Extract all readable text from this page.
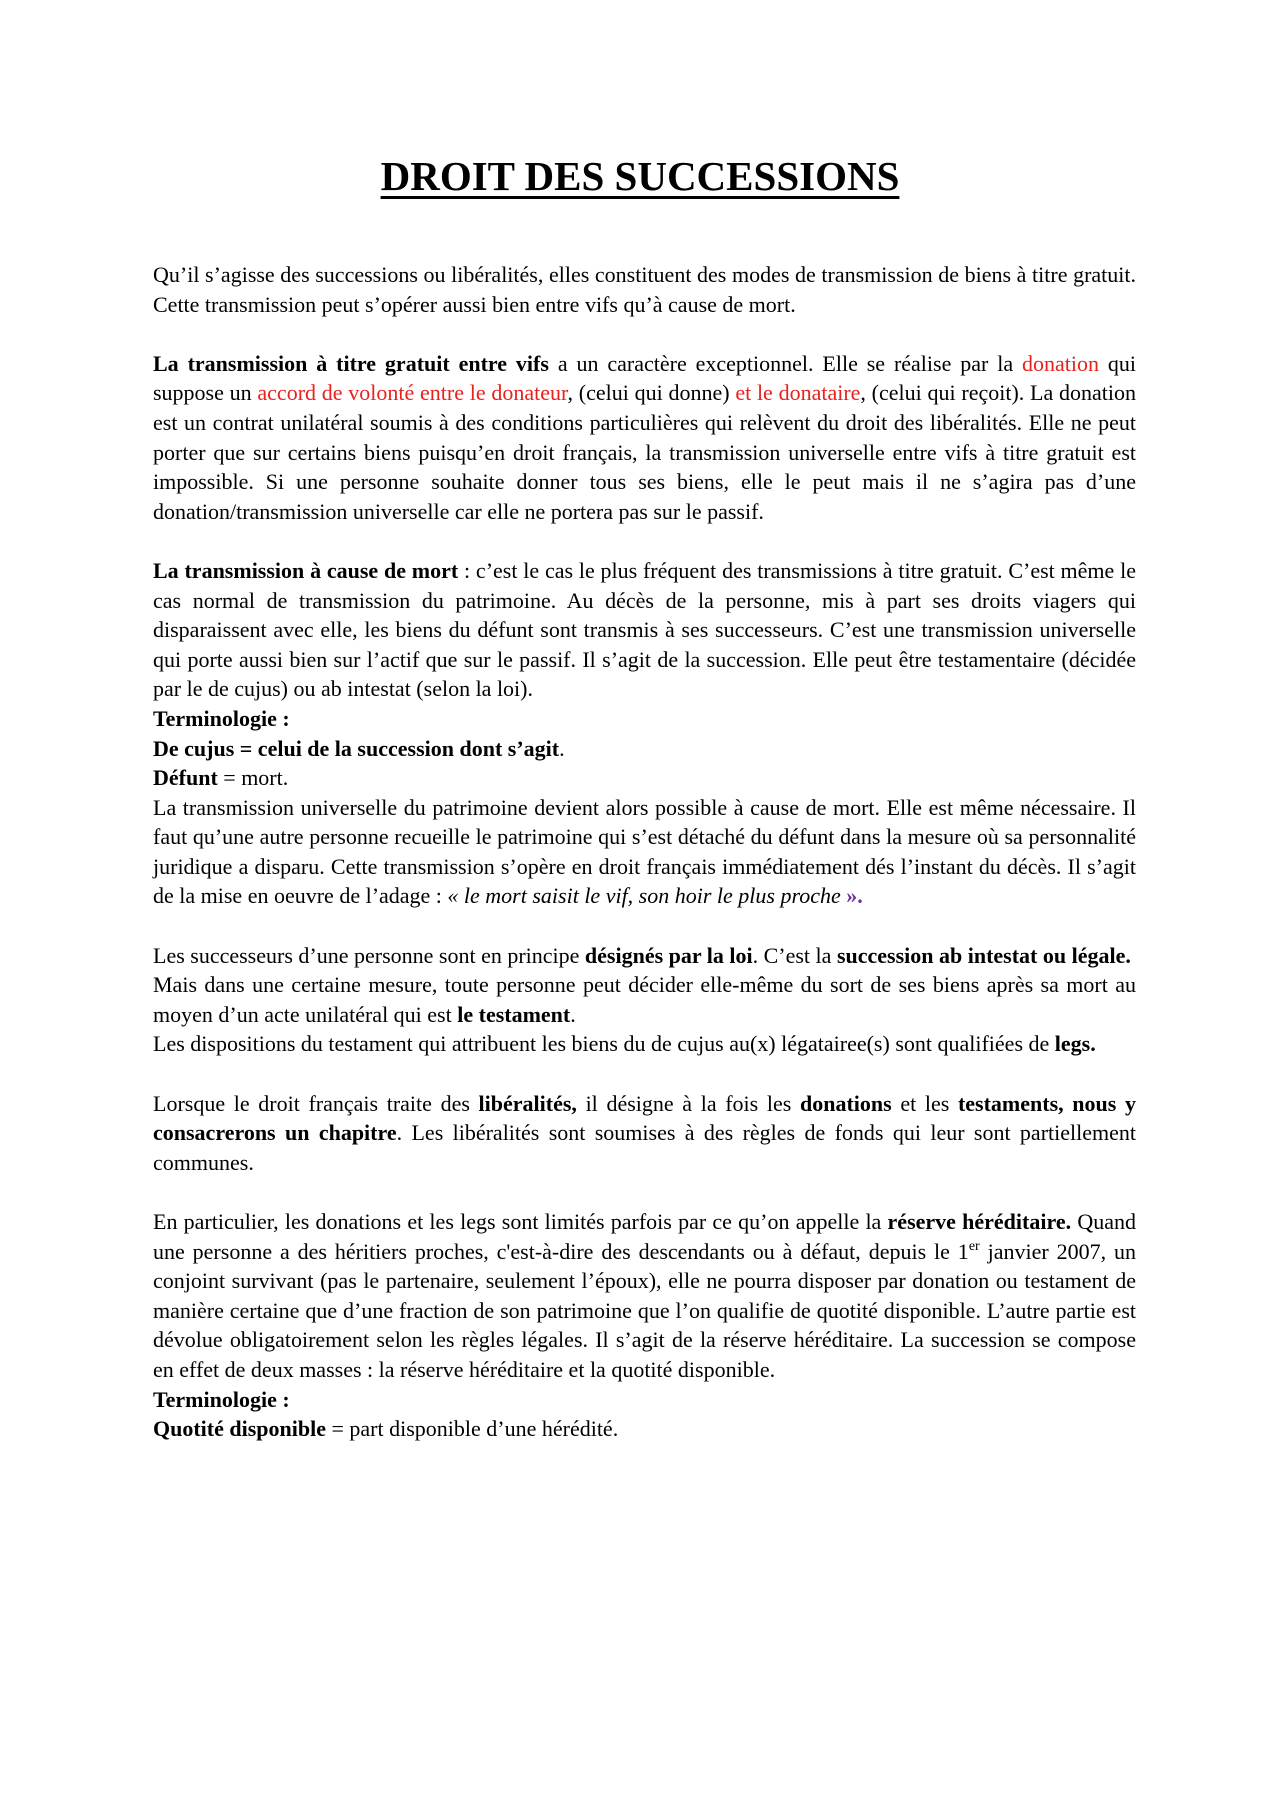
DROIT DES SUCCESSIONS

Qu’il s’agisse des successions ou libéralités, elles constituent des modes de transmission de biens à titre gratuit. Cette transmission peut s’opérer aussi bien entre vifs qu’à cause de mort.

La transmission à titre gratuit entre vifs a un caractère exceptionnel. Elle se réalise par la donation qui suppose un accord de volonté entre le donateur, (celui qui donne) et le donataire, (celui qui reçoit). La donation est un contrat unilatéral soumis à des conditions particulières qui relèvent du droit des libéralités. Elle ne peut porter que sur certains biens puisqu’en droit français, la transmission universelle entre vifs à titre gratuit est impossible. Si une personne souhaite donner tous ses biens, elle le peut mais il ne s’agira pas d’une donation/transmission universelle car elle ne portera pas sur le passif.

La transmission à cause de mort : c’est le cas le plus fréquent des transmissions à titre gratuit. C’est même le cas normal de transmission du patrimoine. Au décès de la personne, mis à part ses droits viagers qui disparaissent avec elle, les biens du défunt sont transmis à ses successeurs. C’est une transmission universelle qui porte aussi bien sur l’actif que sur le passif. Il s’agit de la succession. Elle peut être testamentaire (décidée par le de cujus) ou ab intestat (selon la loi).

Terminologie :

De cujus = celui de la succession dont s’agit.

Défunt = mort.

La transmission universelle du patrimoine devient alors possible à cause de mort. Elle est même nécessaire. Il faut qu’une autre personne recueille le patrimoine qui s’est détaché du défunt dans la mesure où sa personnalité juridique a disparu. Cette transmission s’opère en droit français immédiatement dés l’instant du décès. Il s’agit de la mise en oeuvre de l’adage : « le mort saisit le vif, son hoir le plus proche ».

Les successeurs d’une personne sont en principe désignés par la loi. C’est la succession ab intestat ou légale.

Mais dans une certaine mesure, toute personne peut décider elle-même du sort de ses biens après sa mort au moyen d’un acte unilatéral qui est le testament.

Les dispositions du testament qui attribuent les biens du de cujus au(x) légatairee(s) sont qualifiées de legs.

Lorsque le droit français traite des libéralités, il désigne à la fois les donations et les testaments, nous y consacrerons un chapitre. Les libéralités sont soumises à des règles de fonds qui leur sont partiellement communes.

En particulier, les donations et les legs sont limités parfois par ce qu’on appelle la réserve héréditaire. Quand une personne a des héritiers proches, c'est-à-dire des descendants ou à défaut, depuis le 1er janvier 2007, un conjoint survivant (pas le partenaire, seulement l’époux), elle ne pourra disposer par donation ou testament de manière certaine que d’une fraction de son patrimoine que l’on qualifie de quotité disponible. L’autre partie est dévolue obligatoirement selon les règles légales. Il s’agit de la réserve héréditaire. La succession se compose en effet de deux masses : la réserve héréditaire et la quotité disponible.

Terminologie :

Quotité disponible = part disponible d’une hérédité.
